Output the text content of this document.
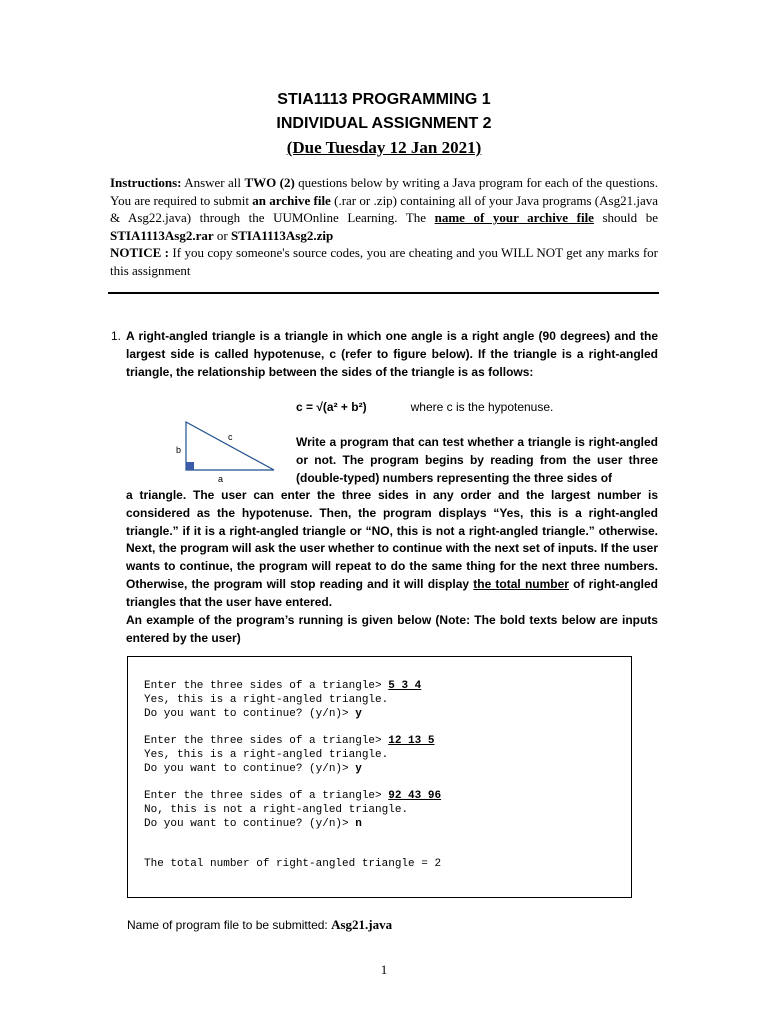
STIA1113 PROGRAMMING 1
INDIVIDUAL ASSIGNMENT 2
(Due Tuesday 12 Jan 2021)
Instructions: Answer all TWO (2) questions below by writing a Java program for each of the questions. You are required to submit an archive file (.rar or .zip) containing all of your Java programs (Asg21.java & Asg22.java) through the UUMOnline Learning. The name of your archive file should be STIA1113Asg2.rar or STIA1113Asg2.zip
NOTICE : If you copy someone's source codes, you are cheating and you WILL NOT get any marks for this assignment
1. A right-angled triangle is a triangle in which one angle is a right angle (90 degrees) and the largest side is called hypotenuse, c (refer to figure below). If the triangle is a right-angled triangle, the relationship between the sides of the triangle is as follows:
c = √(a² + b²)	where c is the hypotenuse.
c
b
a
Write a program that can test whether a triangle is right-angled or not. The program begins by reading from the user three (double-typed) numbers representing the three sides of
a triangle. The user can enter the three sides in any order and the largest number is considered as the hypotenuse. Then, the program displays “Yes, this is a right-angled triangle.” if it is a right-angled triangle or “NO, this is not a right-angled triangle.” otherwise. Next, the program will ask the user whether to continue with the next set of inputs. If the user wants to continue, the program will repeat to do the same thing for the next three numbers. Otherwise, the program will stop reading and it will display the total number of right-angled triangles that the user have entered.
An example of the program’s running is given below (Note: The bold texts below are inputs entered by the user)
Enter the three sides of a triangle> 5 3 4
Yes, this is a right-angled triangle.
Do you want to continue? (y/n)> y
Enter the three sides of a triangle> 12 13 5
Yes, this is a right-angled triangle.
Do you want to continue? (y/n)> y
Enter the three sides of a triangle> 92 43 96
No, this is not a right-angled triangle.
Do you want to continue? (y/n)> n
The total number of right-angled triangle = 2
Name of program file to be submitted: Asg21.java
1
